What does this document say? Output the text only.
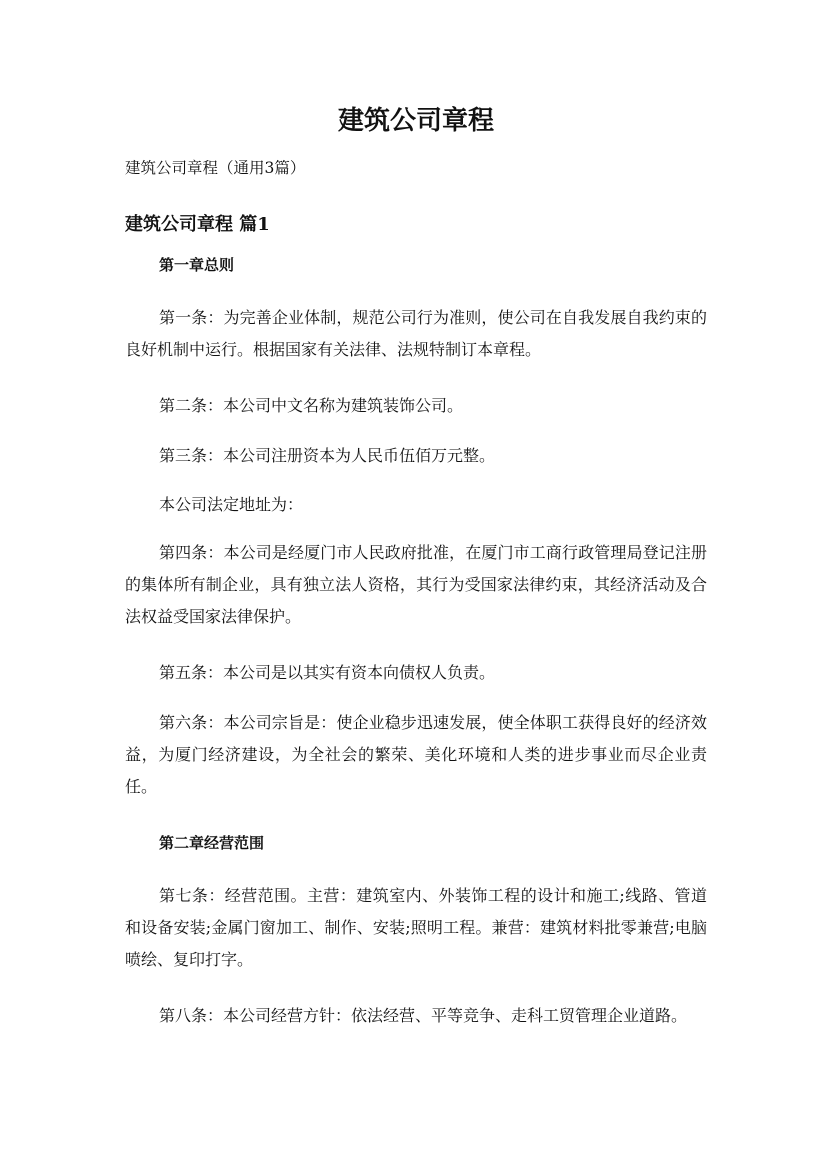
建筑公司章程

建筑公司章程（通用3篇）

建筑公司章程 篇1

第一章总则

第一条：为完善企业体制，规范公司行为准则，使公司在自我发展自我约束的良好机制中运行。根据国家有关法律、法规特制订本章程。

第二条：本公司中文名称为建筑装饰公司。

第三条：本公司注册资本为人民币伍佰万元整。

本公司法定地址为：

第四条：本公司是经厦门市人民政府批准，在厦门市工商行政管理局登记注册的集体所有制企业，具有独立法人资格，其行为受国家法律约束，其经济活动及合法权益受国家法律保护。

第五条：本公司是以其实有资本向债权人负责。

第六条：本公司宗旨是：使企业稳步迅速发展，使全体职工获得良好的经济效益，为厦门经济建设，为全社会的繁荣、美化环境和人类的进步事业而尽企业责任。

第二章经营范围

第七条：经营范围。主营：建筑室内、外装饰工程的设计和施工;线路、管道和设备安装;金属门窗加工、制作、安装;照明工程。兼营：建筑材料批零兼营;电脑喷绘、复印打字。

第八条：本公司经营方针：依法经营、平等竞争、走科工贸管理企业道路。
